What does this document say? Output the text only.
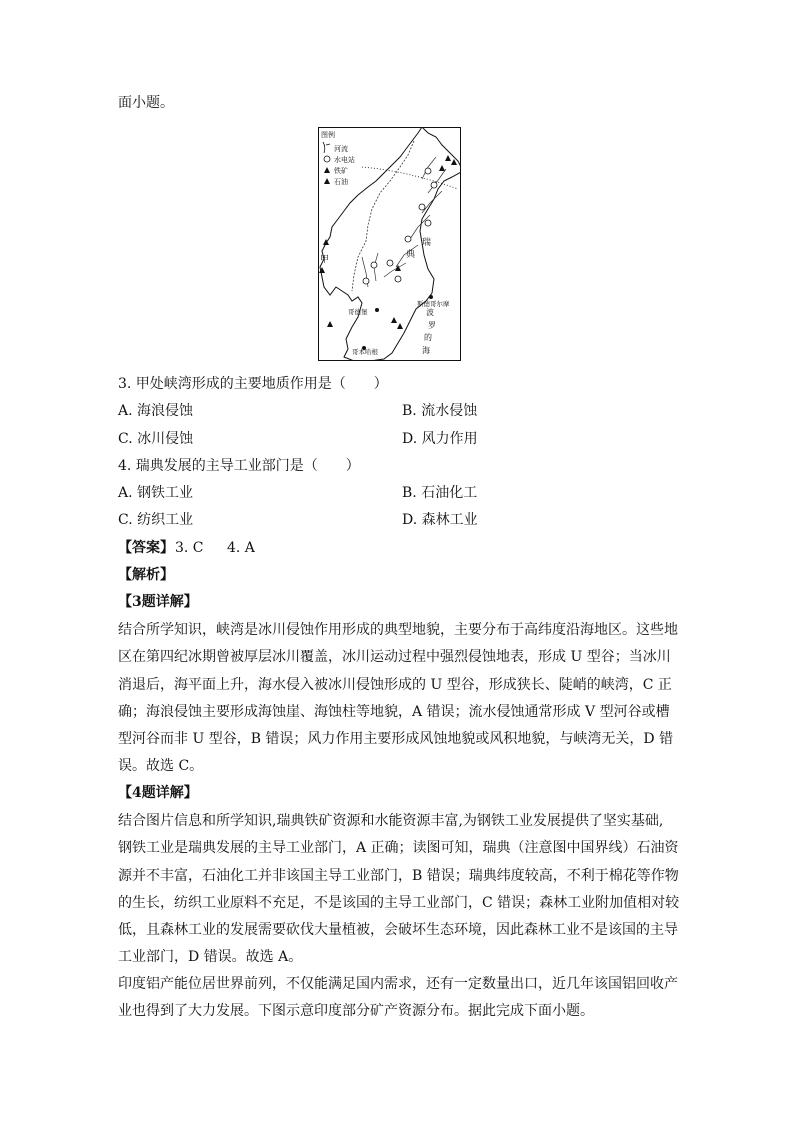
面小题。
图例
河流
水电站
铁矿
石油
甲
瑞
典
斯德哥尔摩
哥德堡
哥本哈根
波
罗
的
海
3. 甲处峡湾形成的主要地质作用是（　　）
A. 海浪侵蚀	B. 流水侵蚀
C. 冰川侵蚀	D. 风力作用
4. 瑞典发展的主导工业部门是（　　）
A. 钢铁工业	B. 石油化工
C. 纺织工业	D. 森林工业
【答案】 3. C 4. A
【解析】
【3题详解】
结合所学知识，峡湾是冰川侵蚀作用形成的典型地貌，主要分布于高纬度沿海地区。这些地
区在第四纪冰期曾被厚层冰川覆盖，冰川运动过程中强烈侵蚀地表，形成 U 型谷；当冰川
消退后，海平面上升，海水侵入被冰川侵蚀形成的 U 型谷，形成狭长、陡峭的峡湾，C 正
确；海浪侵蚀主要形成海蚀崖、海蚀柱等地貌，A 错误；流水侵蚀通常形成 V 型河谷或槽
型河谷而非 U 型谷，B 错误；风力作用主要形成风蚀地貌或风积地貌，与峡湾无关，D 错
误。故选 C。
【4题详解】
结合图片信息和所学知识,瑞典铁矿资源和水能资源丰富,为钢铁工业发展提供了坚实基础,
钢铁工业是瑞典发展的主导工业部门，A 正确；读图可知，瑞典（注意图中国界线）石油资
源并不丰富，石油化工并非该国主导工业部门，B 错误；瑞典纬度较高，不利于棉花等作物
的生长，纺织工业原料不充足，不是该国的主导工业部门，C 错误；森林工业附加值相对较
低，且森林工业的发展需要砍伐大量植被，会破坏生态环境，因此森林工业不是该国的主导
工业部门，D 错误。故选 A。
印度铝产能位居世界前列，不仅能满足国内需求，还有一定数量出口，近几年该国铝回收产
业也得到了大力发展。下图示意印度部分矿产资源分布。据此完成下面小题。
